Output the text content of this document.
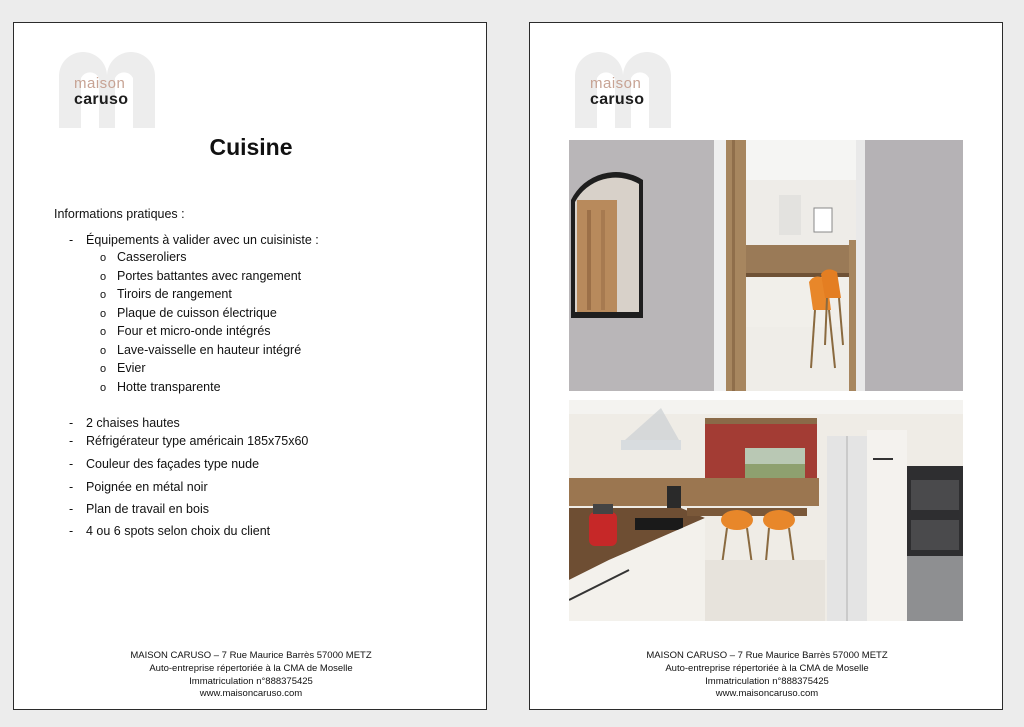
maison
caruso
Cuisine
Informations pratiques :
- Équipements à valider avec un cuisiniste :
o Casseroliers
o Portes battantes avec rangement
o Tiroirs de rangement
o Plaque de cuisson électrique
o Four et micro-onde intégrés
o Lave-vaisselle en hauteur intégré
o Evier
o Hotte transparente
- 2 chaises hautes
- Réfrigérateur type américain 185x75x60
- Couleur des façades type nude
- Poignée en métal noir
- Plan de travail en bois
- 4 ou 6 spots selon choix du client
MAISON CARUSO – 7 Rue Maurice Barrès 57000 METZ
Auto-entreprise répertoriée à la CMA de Moselle
Immatriculation n°888375425
www.maisoncaruso.com
maison
caruso
MAISON CARUSO – 7 Rue Maurice Barrès 57000 METZ
Auto-entreprise répertoriée à la CMA de Moselle
Immatriculation n°888375425
www.maisoncaruso.com
